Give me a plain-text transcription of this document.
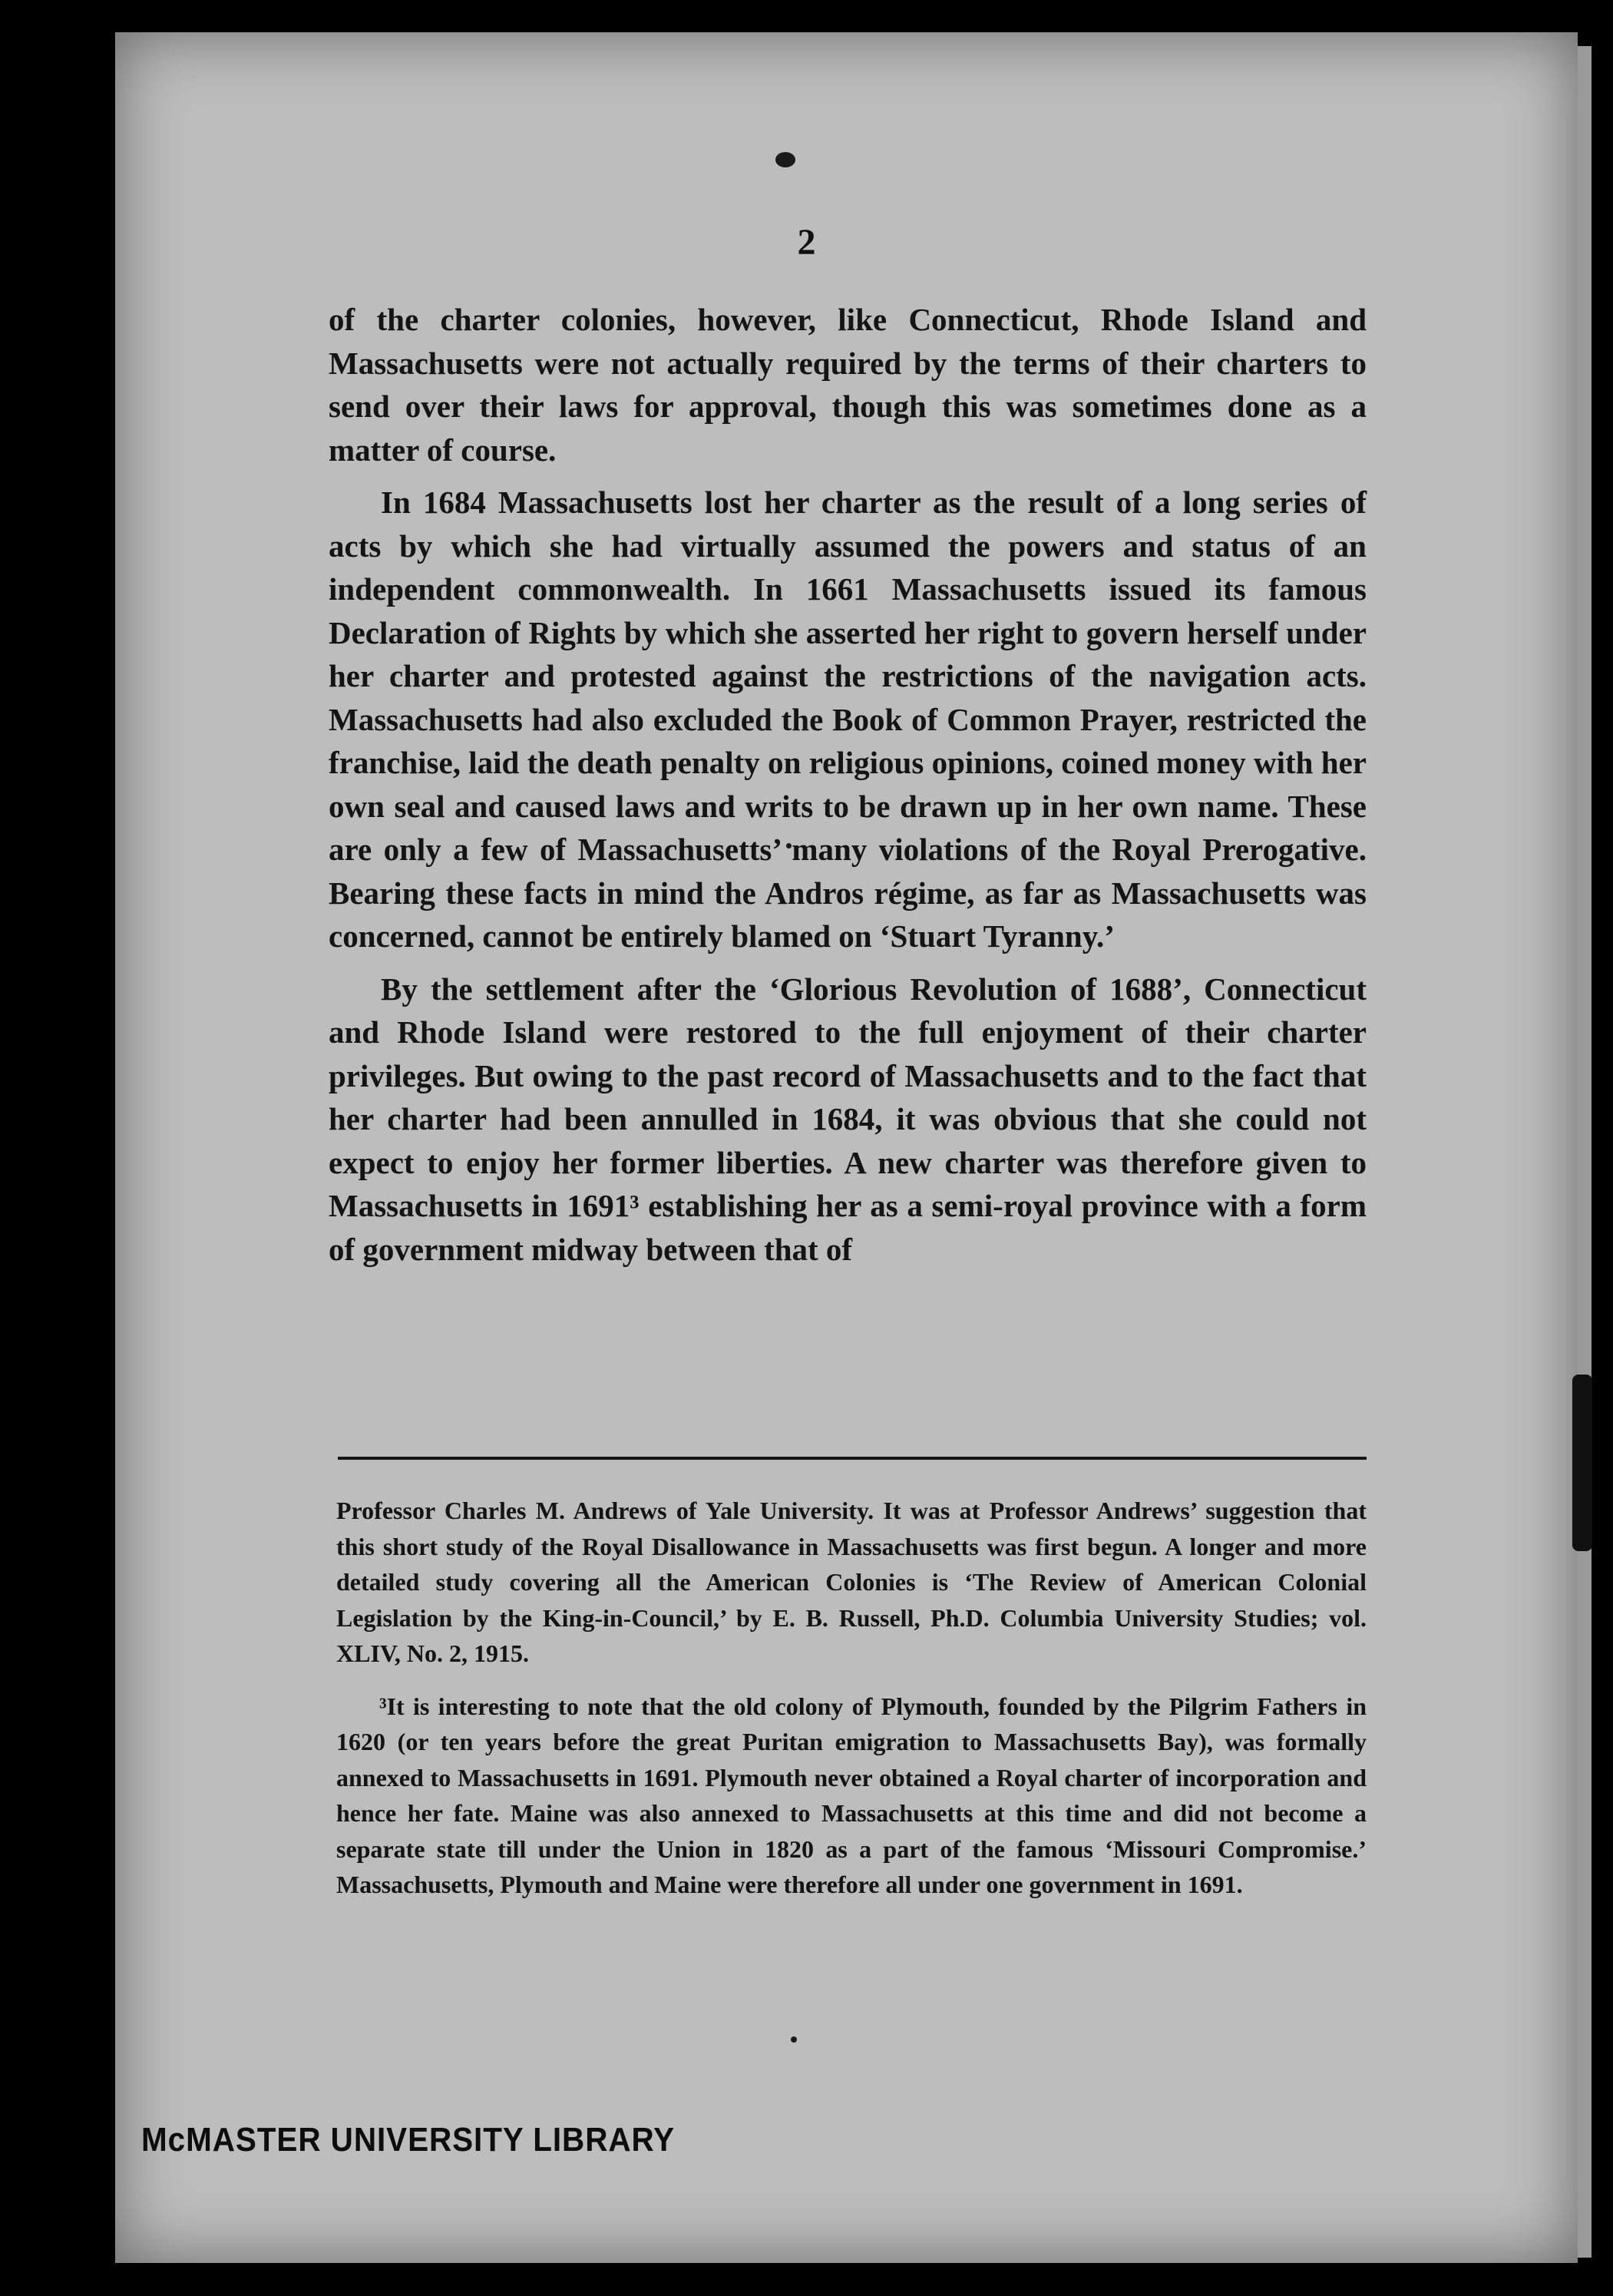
2

of the charter colonies, however, like Connecticut, Rhode Island and Massachusetts were not actually required by the terms of their charters to send over their laws for approval, though this was sometimes done as a matter of course.

In 1684 Massachusetts lost her charter as the result of a long series of acts by which she had virtually assumed the powers and status of an independent commonwealth. In 1661 Massachusetts issued its famous Declaration of Rights by which she asserted her right to govern herself under her charter and protested against the restrictions of the navigation acts. Massachusetts had also excluded the Book of Common Prayer, restricted the franchise, laid the death penalty on religious opinions, coined money with her own seal and caused laws and writs to be drawn up in her own name. These are only a few of Massachusetts’ many violations of the Royal Prerogative. Bearing these facts in mind the Andros régime, as far as Massachusetts was concerned, cannot be entirely blamed on ‘Stuart Tyranny.’

By the settlement after the ‘Glorious Revolution of 1688’, Connecticut and Rhode Island were restored to the full enjoyment of their charter privileges. But owing to the past record of Massachusetts and to the fact that her charter had been annulled in 1684, it was obvious that she could not expect to enjoy her former liberties. A new charter was therefore given to Massachusetts in 1691³ establishing her as a semi-royal province with a form of government midway between that of

Professor Charles M. Andrews of Yale University. It was at Professor Andrews’ suggestion that this short study of the Royal Disallowance in Massachusetts was first begun. A longer and more detailed study covering all the American Colonies is ‘The Review of American Colonial Legislation by the King-in-Council,’ by E. B. Russell, Ph.D. Columbia University Studies; vol. XLIV, No. 2, 1915.

³It is interesting to note that the old colony of Plymouth, founded by the Pilgrim Fathers in 1620 (or ten years before the great Puritan emigration to Massachusetts Bay), was formally annexed to Massachusetts in 1691. Plymouth never obtained a Royal charter of incorporation and hence her fate. Maine was also annexed to Massachusetts at this time and did not become a separate state till under the Union in 1820 as a part of the famous ‘Missouri Compromise.’ Massachusetts, Plymouth and Maine were therefore all under one government in 1691.

McMASTER UNIVERSITY LIBRARY
